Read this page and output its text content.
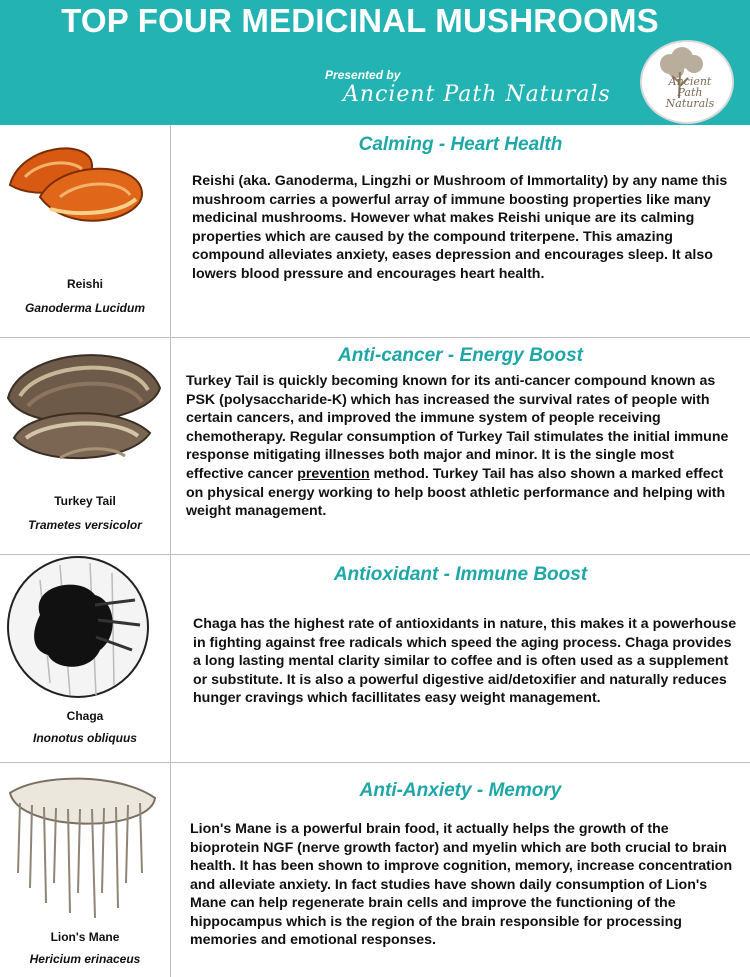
TOP FOUR MEDICINAL MUSHROOMS
Presented by
Ancient Path Naturals
Ancient
Path
Naturals
Reishi
Ganoderma Lucidum
Calming - Heart Health
Reishi (aka. Ganoderma, Lingzhi or Mushroom of Immortality) by any name this mushroom carries a powerful array of immune boosting properties like many medicinal mushrooms. However what makes Reishi unique are its calming properties which are caused by the compound triterpene. This amazing compound alleviates anxiety, eases depression and encourages sleep. It also lowers blood pressure and encourages heart health.
Turkey Tail
Trametes versicolor
Anti-cancer - Energy Boost
Turkey Tail is quickly becoming known for its anti-cancer compound known as PSK (polysaccharide-K) which has increased the survival rates of people with certain cancers, and improved the immune system of people receiving chemotherapy. Regular consumption of Turkey Tail stimulates the initial immune response mitigating illnesses both major and minor. It is the single most effective cancer prevention method. Turkey Tail has also shown a marked effect on physical energy working to help boost athletic performance and helping with weight management.
Chaga
Inonotus obliquus
Antioxidant - Immune Boost
Chaga has the highest rate of antioxidants in nature, this makes it a powerhouse in fighting against free radicals which speed the aging process. Chaga provides a long lasting mental clarity similar to coffee and is often used as a supplement or substitute. It is also a powerful digestive aid/detoxifier and naturally reduces hunger cravings which facillitates easy weight management.
Lion's Mane
Hericium erinaceus
Anti-Anxiety - Memory
Lion's Mane is a powerful brain food, it actually helps the growth of the bioprotein NGF (nerve growth factor) and myelin which are both crucial to brain health. It has been shown to improve cognition, memory, increase concentration and alleviate anxiety. In fact studies have shown daily consumption of Lion's Mane can help regenerate brain cells and improve the functioning of the hippocampus which is the region of the brain responsible for processing memories and emotional responses.
